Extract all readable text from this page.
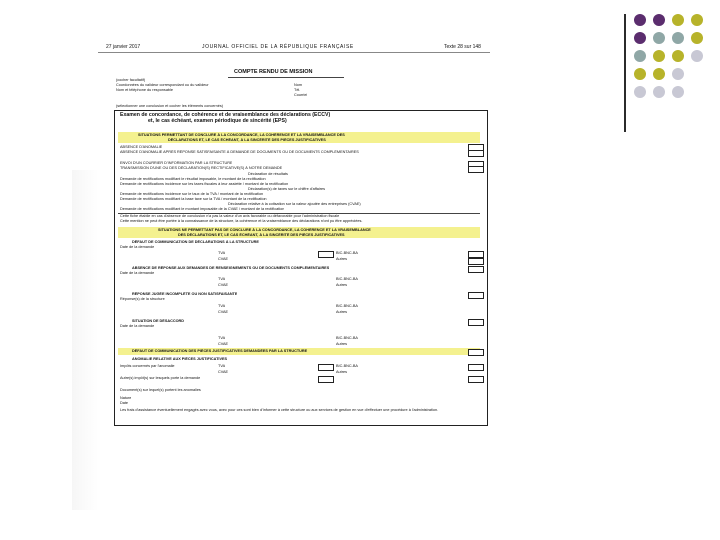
27 janvier 2017	JOURNAL OFFICIEL DE LA RÉPUBLIQUE FRANÇAISE	Texte 28 sur 148
COMPTE RENDU DE MISSION
(cocher facultatif)
Coordonnées du valideur correspondant ou du valideur
Nom et téléphone du responsable
Nom
Tél.
Courriel
(sélectionner une conclusion et cocher les éléments concernés)
Examen de concordance, de cohérence et de vraisemblance des déclarations (ECCV)
et, le cas échéant, examen périodique de sincérité (EPS)
SITUATIONS PERMETTANT DE CONCLURE À LA CONCORDANCE, LA COHÉRENCE ET LA VRAISEMBLANCE DES
DÉCLARATIONS ET, LE CAS ÉCHÉANT, À LA SINCÉRITÉ DES PIÈCES JUSTIFICATIVES
ABSENCE D'ANOMALIE
ABSENCE D'ANOMALIE APRÈS RÉPONSE SATISFAISANTE À DEMANDE DE DOCUMENTS OU DE DOCUMENTS COMPLÉMENTAIRES
ENVOI D'UN COURRIER D'INFORMATION PAR LA STRUCTURE
TRANSMISSION D'UNE OU DES DÉCLARATION(S) RECTIFICATIVE(S) À NOTRE DEMANDE
Déclaration de résultats
Demande de rectifications modifiant le résultat imposable, le montant de la rectification
Demande de rectifications incidence sur les taxes fiscales à leur assiette / montant de la rectification
Déclaration(s) de taxes sur le chiffre d'affaires
Demande de rectifications incidence sur le taux de la TVA / montant de la rectification
Demande de rectifications modifiant la base taxe sur la TVA / montant de la rectification
Déclaration relative à la cotisation sur la valeur ajoutée des entreprises (CVAE)
Demande de rectifications modifiant le montant imposable de la CVAE / montant de la rectification
Cette fiche établie en cas d'absence de conclusion n'a pas la valeur d'un avis favorable ou défavorable pour l'administration fiscale
Cette mention ne peut être portée à la connaissance de la structure, la cohérence et la vraisemblance des déclarations n'ont pu être appréciées.
SITUATIONS NE PERMETTANT PAS DE CONCLURE À LA CONCORDANCE, LA COHÉRENCE ET LA VRAISEMBLANCE
DES DÉCLARATIONS ET, LE CAS ÉCHÉANT, À LA SINCÉRITÉ DES PIÈCES JUSTIFICATIVES
DÉFAUT DE COMMUNICATION DE DÉCLARATIONS À LA STRUCTURE
Date de la demande
TVA	BIC-BNC-BA
CVAE	Autres
ABSENCE DE RÉPONSE AUX DEMANDES DE RENSEIGNEMENTS OU DE DOCUMENTS COMPLÉMENTAIRES
Date de la demande
TVA	BIC-BNC-BA
CVAE	Autres
RÉPONSE JUGÉE INCOMPLÈTE OU NON SATISFAISANTE
Réponse(s) de la structure
TVA	BIC-BNC-BA
CVAE	Autres
SITUATION DE DÉSACCORD
Date de la demande
TVA	BIC-BNC-BA
CVAE	Autres
DÉFAUT DE COMMUNICATION DES PIÈCES JUSTIFICATIVES DEMANDÉES PAR LA STRUCTURE
ANOMALIE RELATIVE AUX PIÈCES JUSTIFICATIVES
Impôts concernés par l'anomalie	TVA	BIC-BNC-BA
CVAE	Autres
Autre(s) impôt(s) sur lesquels porte la demande
Document(s) sur lequel(s) portent les anomalies
Nature
Date
Les frais d'assistance éventuellement engagés avec vous, avec pour ces sont bien d'informer à cette structure ou aux services de gestion en vue d'effectuer une procédure à l'administration.
